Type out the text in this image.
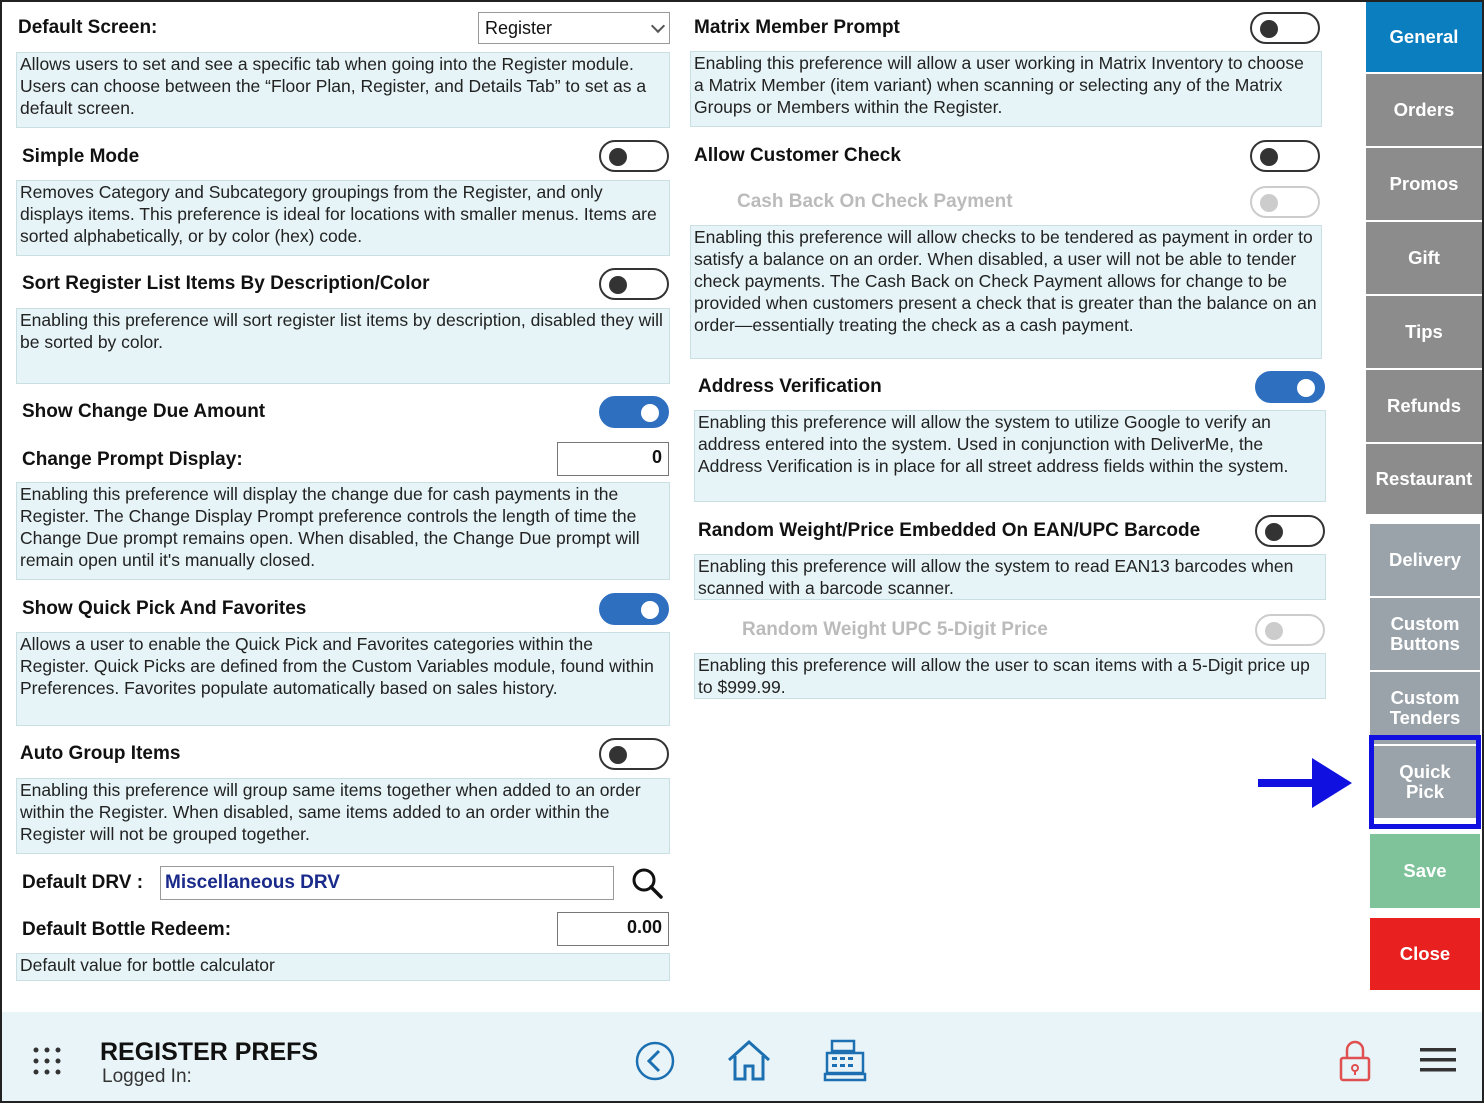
Default Screen:	Register
Allows users to set and see a specific tab when going into the Register module. Users can choose between the “Floor Plan, Register, and Details Tab” to set as a default screen.
Simple Mode
Removes Category and Subcategory groupings from the Register, and only displays items. This preference is ideal for locations with smaller menus. Items are sorted alphabetically, or by color (hex) code.
Sort Register List Items By Description/Color
Enabling this preference will sort register list items by description, disabled they will be sorted by color.
Show Change Due Amount
Change Prompt Display:	0
Enabling this preference will display the change due for cash payments in the Register. The Change Display Prompt preference controls the length of time the Change Due prompt remains open. When disabled, the Change Due prompt will remain open until it's manually closed.
Show Quick Pick And Favorites
Allows a user to enable the Quick Pick and Favorites categories within the Register. Quick Picks are defined from the Custom Variables module, found within Preferences. Favorites populate automatically based on sales history.
Auto Group Items
Enabling this preference will group same items together when added to an order within the Register. When disabled, same items added to an order within the Register will not be grouped together.
Default DRV : Miscellaneous DRV
Default Bottle Redeem:	0.00
Default value for bottle calculator
Matrix Member Prompt
Enabling this preference will allow a user working in Matrix Inventory to choose a Matrix Member (item variant) when scanning or selecting any of the Matrix Groups or Members within the Register.
Allow Customer Check
Cash Back On Check Payment
Enabling this preference will allow checks to be tendered as payment in order to satisfy a balance on an order. When disabled, a user will not be able to tender check payments. The Cash Back on Check Payment allows for change to be provided when customers present a check that is greater than the balance on an order—essentially treating the check as a cash payment.
Address Verification
Enabling this preference will allow the system to utilize Google to verify an address entered into the system. Used in conjunction with DeliverMe, the Address Verification is in place for all street address fields within the system.
Random Weight/Price Embedded On EAN/UPC Barcode
Enabling this preference will allow the system to read EAN13 barcodes when scanned with a barcode scanner.
Random Weight UPC 5-Digit Price
Enabling this preference will allow the user to scan items with a 5-Digit price up to $999.99.
General
Orders
Promos
Gift
Tips
Refunds
Restaurant
Delivery
Custom Buttons
Custom Tenders
Quick Pick
Save
Close
REGISTER PREFS
Logged In:
